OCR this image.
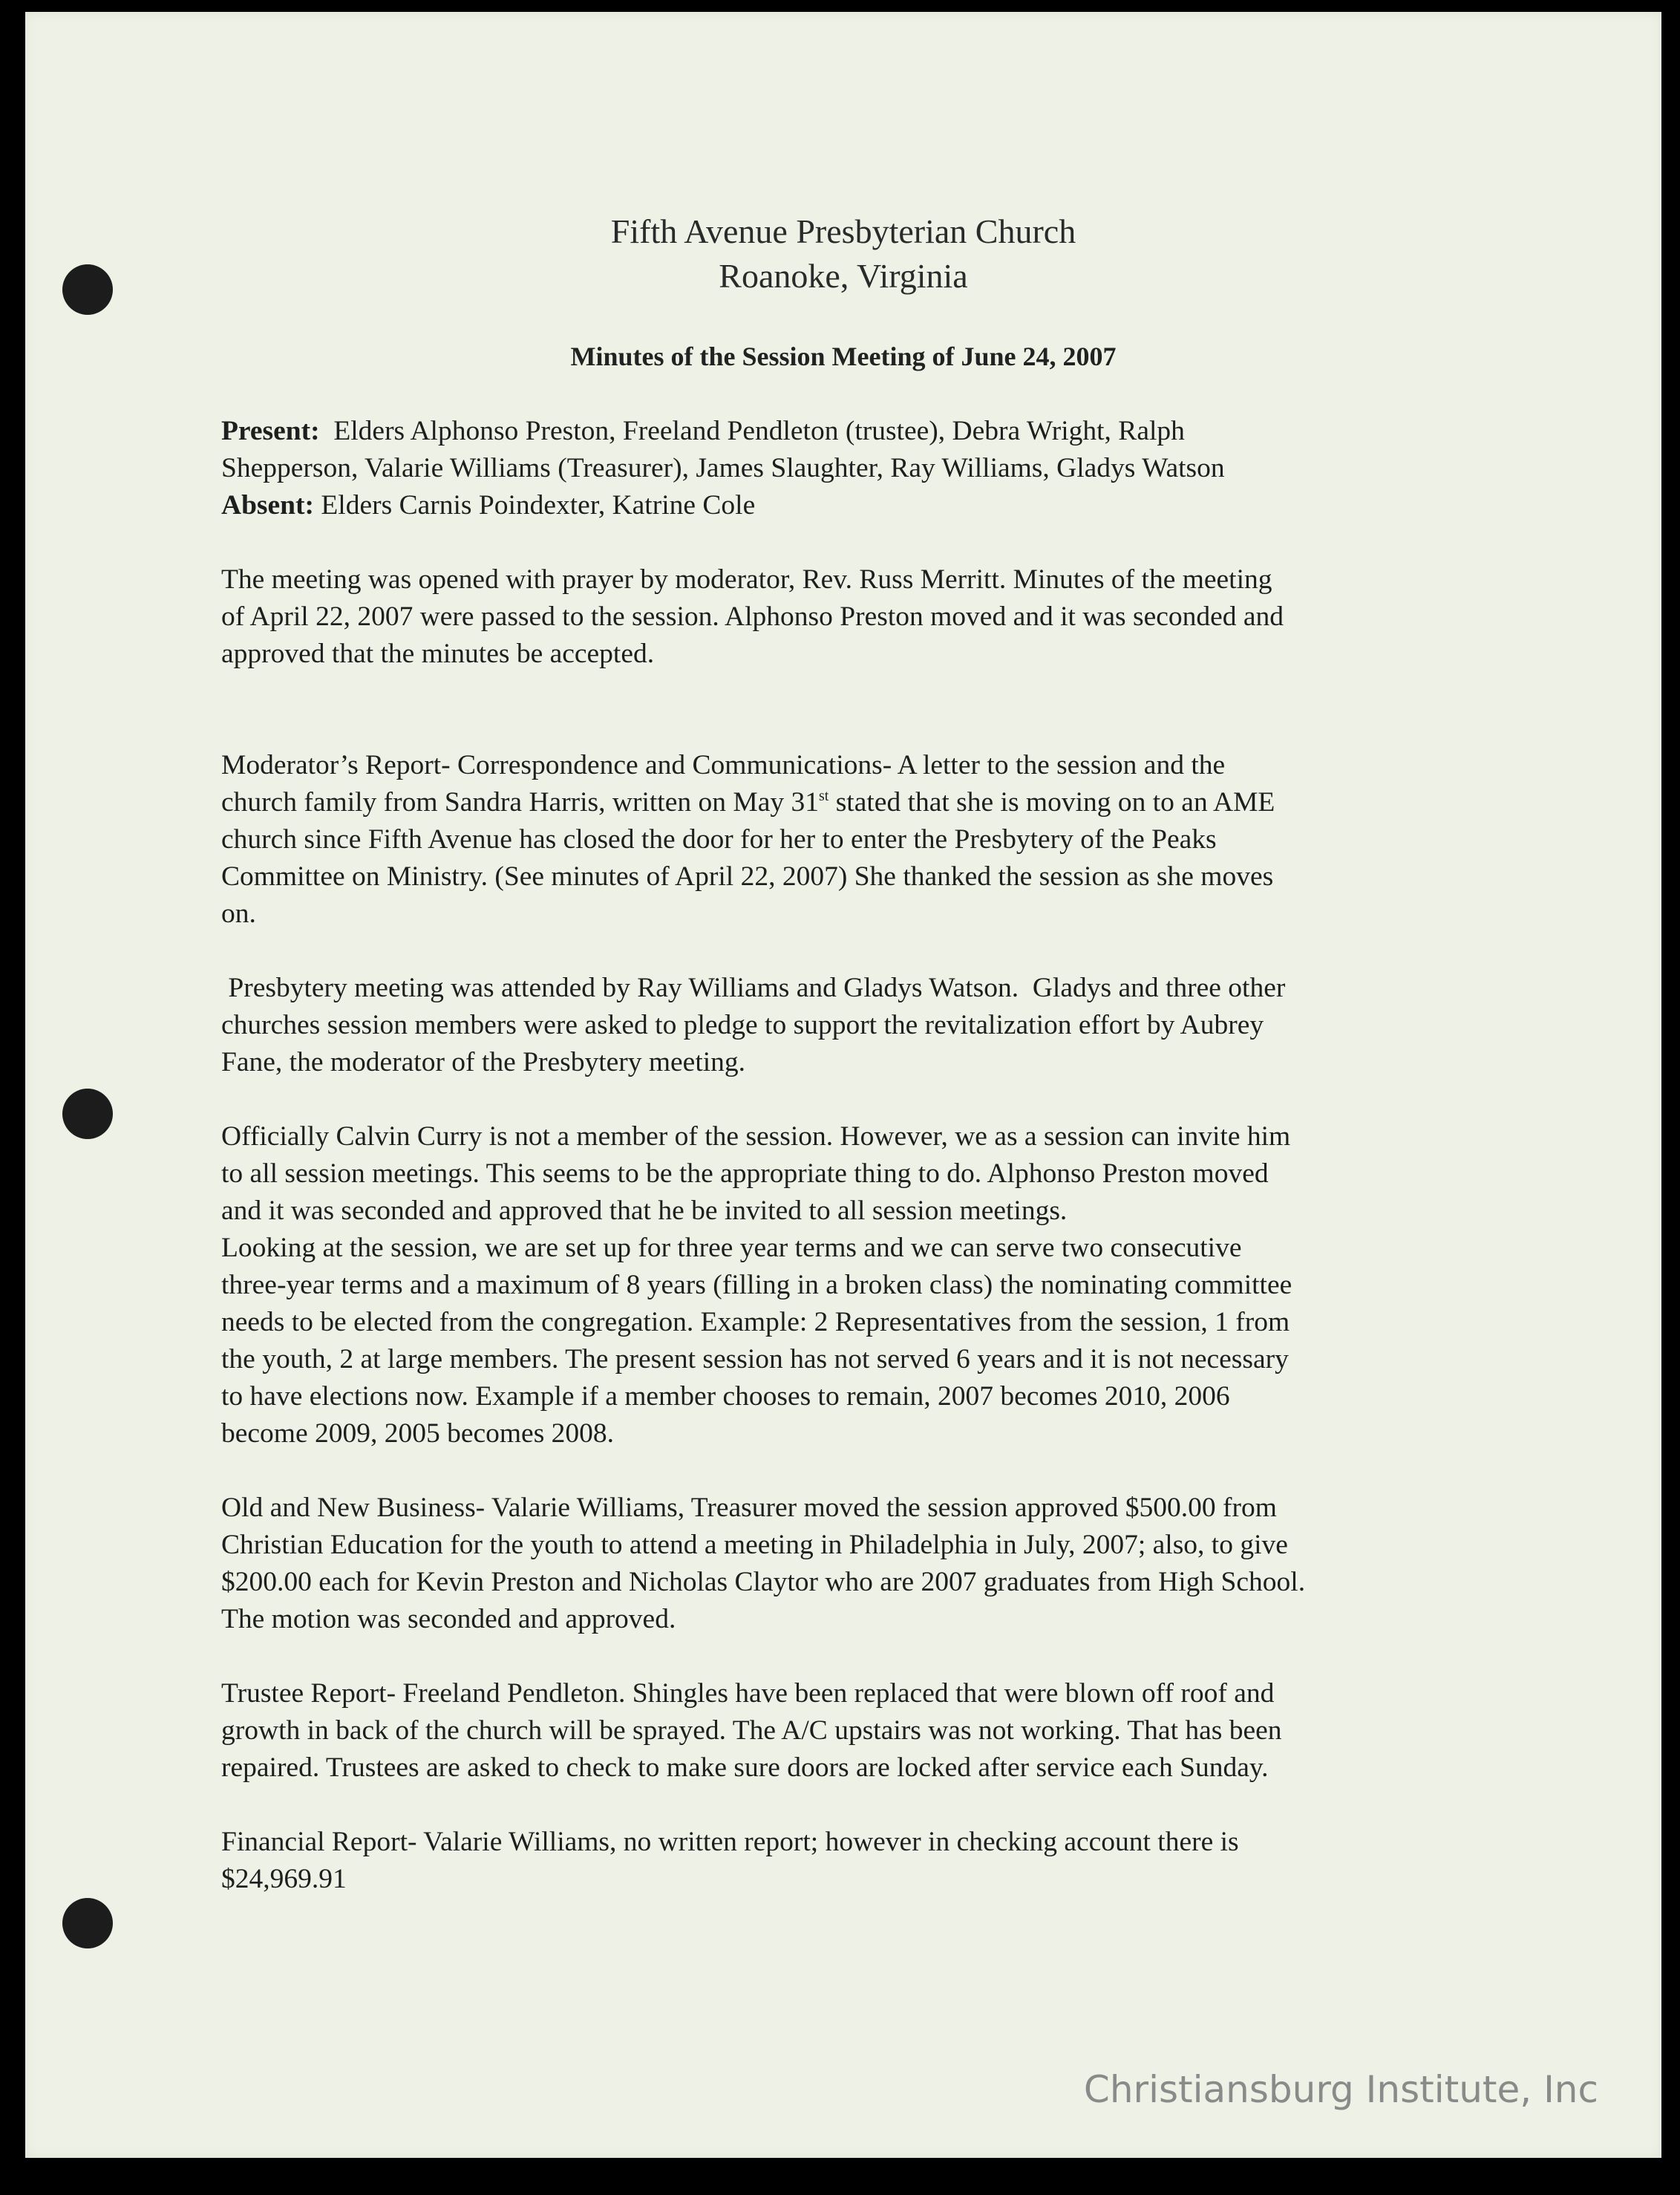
Fifth Avenue Presbyterian Church
Roanoke, Virginia
Minutes of the Session Meeting of June 24, 2007

Present: Elders Alphonso Preston, Freeland Pendleton (trustee), Debra Wright, Ralph

Shepperson, Valarie Williams (Treasurer), James Slaughter, Ray Williams, Gladys Watson

Absent: Elders Carnis Poindexter, Katrine Cole

The meeting was opened with prayer by moderator, Rev. Russ Merritt. Minutes of the meeting

of April 22, 2007 were passed to the session. Alphonso Preston moved and it was seconded and

approved that the minutes be accepted.

Moderator’s Report- Correspondence and Communications- A letter to the session and the

church family from Sandra Harris, written on May 31st stated that she is moving on to an AME

church since Fifth Avenue has closed the door for her to enter the Presbytery of the Peaks

Committee on Ministry. (See minutes of April 22, 2007) She thanked the session as she moves

on.

Presbytery meeting was attended by Ray Williams and Gladys Watson.  Gladys and three other

churches session members were asked to pledge to support the revitalization effort by Aubrey

Fane, the moderator of the Presbytery meeting.

Officially Calvin Curry is not a member of the session. However, we as a session can invite him

to all session meetings. This seems to be the appropriate thing to do. Alphonso Preston moved

and it was seconded and approved that he be invited to all session meetings.

Looking at the session, we are set up for three year terms and we can serve two consecutive

three-year terms and a maximum of 8 years (filling in a broken class) the nominating committee

needs to be elected from the congregation. Example: 2 Representatives from the session, 1 from

the youth, 2 at large members. The present session has not served 6 years and it is not necessary

to have elections now. Example if a member chooses to remain, 2007 becomes 2010, 2006

become 2009, 2005 becomes 2008.

Old and New Business- Valarie Williams, Treasurer moved the session approved $500.00 from

Christian Education for the youth to attend a meeting in Philadelphia in July, 2007; also, to give

$200.00 each for Kevin Preston and Nicholas Claytor who are 2007 graduates from High School.

The motion was seconded and approved.

Trustee Report- Freeland Pendleton. Shingles have been replaced that were blown off roof and

growth in back of the church will be sprayed. The A/C upstairs was not working. That has been

repaired. Trustees are asked to check to make sure doors are locked after service each Sunday.

Financial Report- Valarie Williams, no written report; however in checking account there is

$24,969.91

Christiansburg Institute, Inc
